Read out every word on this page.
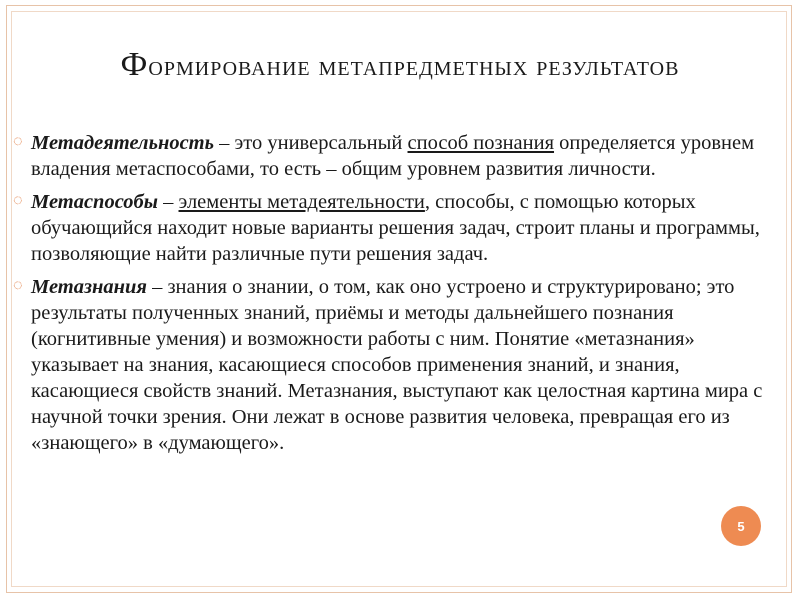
Формирование метапредметных результатов

◌ Метадеятельность – это универсальный способ познания определяется уровнем владения метаспособами, то есть – общим уровнем развития личности.

◌ Метаспособы – элементы метадеятельности, способы, с помощью которых обучающийся находит новые варианты решения задач, строит планы и программы, позволяющие найти различные пути решения задач.

◌ Метазнания – знания о знании, о том, как оно устроено и структурировано; это результаты полученных знаний, приёмы и методы дальнейшего познания (когнитивные умения) и возможности работы с ним. Понятие «метазнания» указывает на знания, касающиеся способов применения знаний, и знания, касающиеся свойств знаний. Метазнания, выступают как целостная картина мира с научной точки зрения. Они лежат в основе развития человека, превращая его из «знающего» в «думающего».

5
